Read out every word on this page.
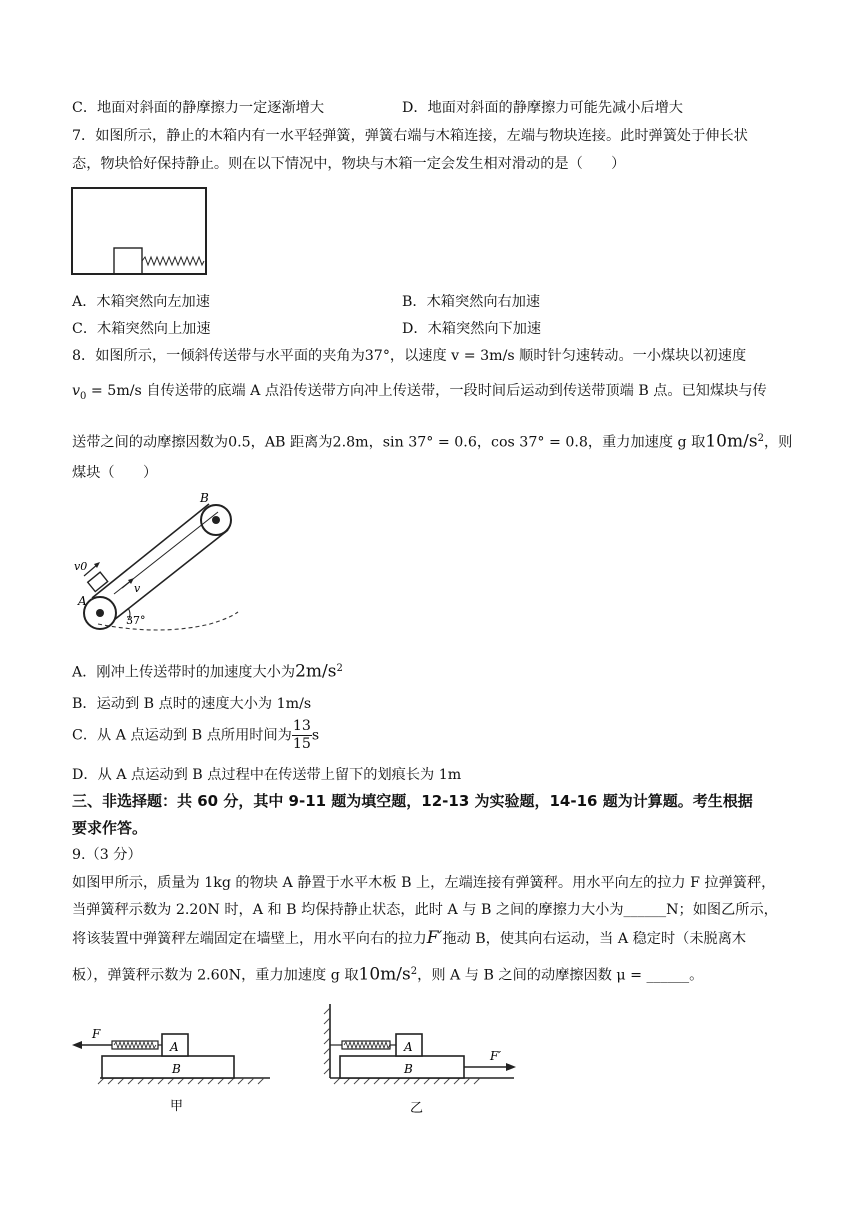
C．地面对斜面的静摩擦力一定逐渐增大	D．地面对斜面的静摩擦力可能先减小后增大
7．如图所示，静止的木箱内有一水平轻弹簧，弹簧右端与木箱连接，左端与物块连接。此时弹簧处于伸长状
态，物块恰好保持静止。则在以下情况中，物块与木箱一定会发生相对滑动的是（　　）
A．木箱突然向左加速	B．木箱突然向右加速
C．木箱突然向上加速	D．木箱突然向下加速
8．如图所示，一倾斜传送带与水平面的夹角为37°，以速度 v = 3m/s 顺时针匀速转动。一小煤块以初速度
$v_0 = 5m/s$ 自传送带的底端 A 点沿传送带方向冲上传送带，一段时间后运动到传送带顶端 B 点。已知煤块与传
送带之间的动摩擦因数为0.5，AB 距离为2.8m，sin 37° = 0.6，cos 37° = 0.8，重力加速度 g 取$10m/s^2$，则
煤块（　　）
v0
v
A
B
37°
A．刚冲上传送带时的加速度大小为$2m/s^2$
B．运动到 B 点时的速度大小为 1m/s
C．从 A 点运动到 B 点所用时间为 $\frac{13}{15}$ s
D．从 A 点运动到 B 点过程中在传送带上留下的划痕长为 1m
三、非选择题：共 60 分，其中 9-11 题为填空题，12-13 为实验题，14-16 题为计算题。考生根据
要求作答。
9.（3 分）
如图甲所示，质量为 1kg 的物块 A 静置于水平木板 B 上，左端连接有弹簧秤。用水平向左的拉力 F 拉弹簧秤，
当弹簧秤示数为 2.20N 时，A 和 B 均保持静止状态，此时 A 与 B 之间的摩擦力大小为______N；如图乙所示，
将该装置中弹簧秤左端固定在墙壁上，用水平向右的拉力F′拖动 B，使其向右运动，当 A 稳定时（未脱离木
板），弹簧秤示数为 2.60N，重力加速度 g 取$10m/s^2$，则 A 与 B 之间的动摩擦因数 μ = ______。
F
A
B
甲
A
B
F′
乙
